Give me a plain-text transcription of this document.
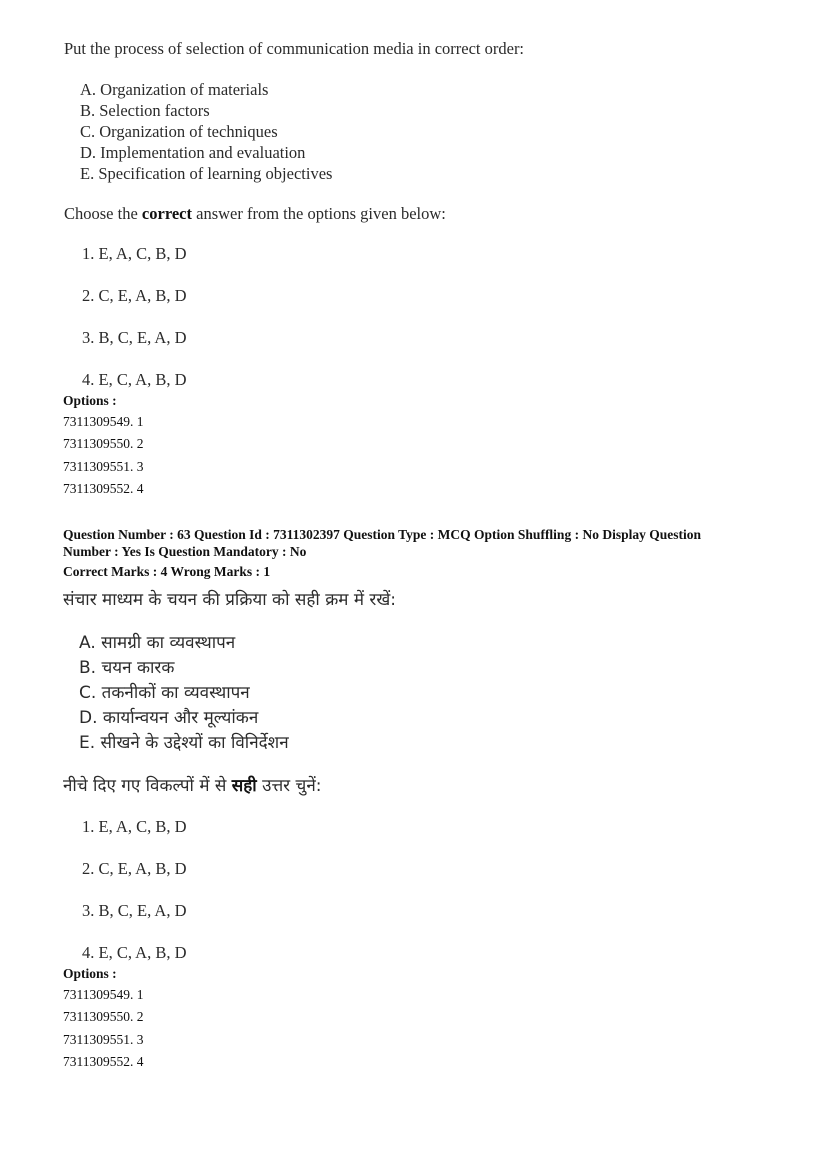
Put the process of selection of communication media in correct order:
A. Organization of materials
B. Selection factors
C. Organization of techniques
D. Implementation and evaluation
E. Specification of learning objectives
Choose the correct answer from the options given below:
1. E, A, C, B, D
2. C, E, A, B, D
3. B, C, E, A, D
4. E, C, A, B, D
Options :
7311309549. 1
7311309550. 2
7311309551. 3
7311309552. 4
Question Number : 63 Question Id : 7311302397 Question Type : MCQ Option Shuffling : No Display Question
Number : Yes Is Question Mandatory : No
Correct Marks : 4 Wrong Marks : 1
संचार माध्यम के चयन की प्रक्रिया को सही क्रम में रखें:
A. सामग्री का व्यवस्थापन
B. चयन कारक
C. तकनीकों का व्यवस्थापन
D. कार्यान्वयन और मूल्यांकन
E. सीखने के उद्देश्यों का विनिर्देशन
नीचे दिए गए विकल्पों में से सही उत्तर चुनें:
1. E, A, C, B, D
2. C, E, A, B, D
3. B, C, E, A, D
4. E, C, A, B, D
Options :
7311309549. 1
7311309550. 2
7311309551. 3
7311309552. 4
